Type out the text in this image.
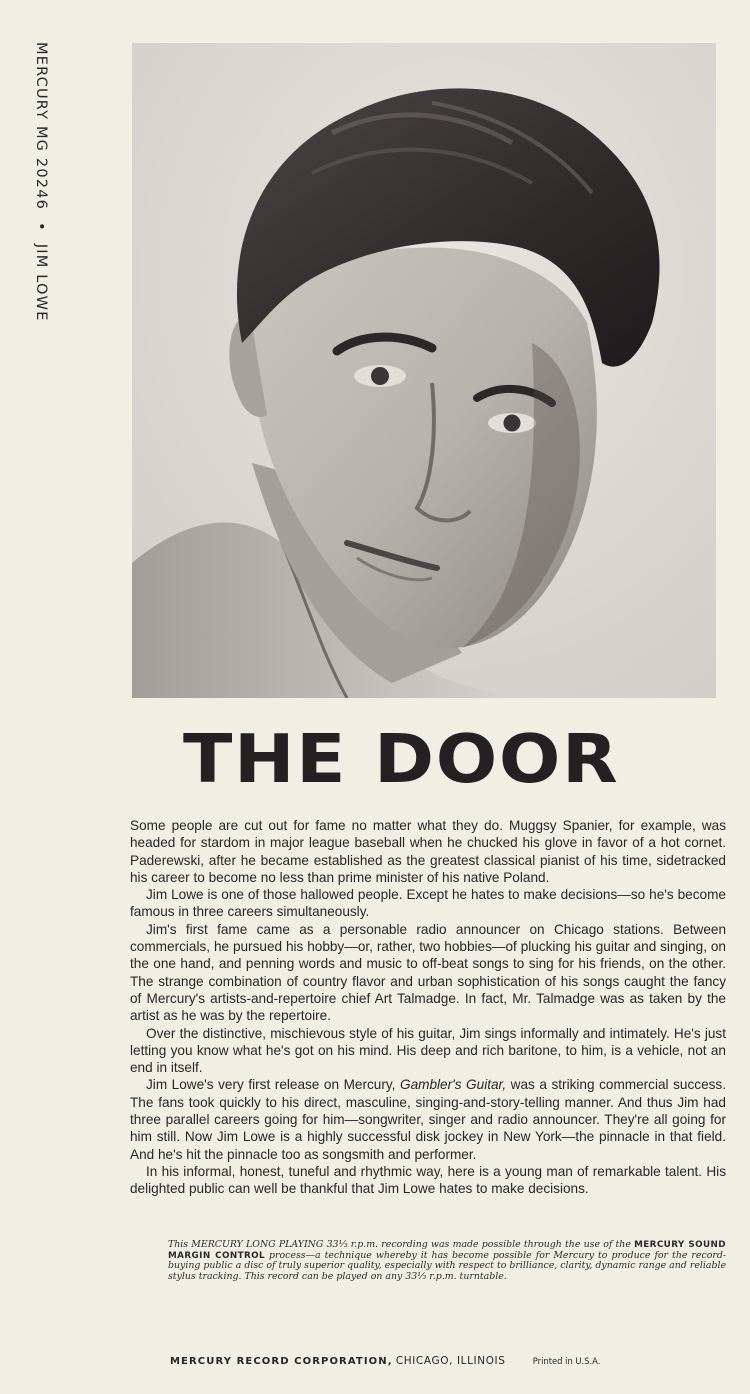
MERCURY MG 20246•JIM LOWE
THE DOOR

Some people are cut out for fame no matter what they do. Muggsy Spanier, for example, was headed for stardom in major league baseball when he chucked his glove in favor of a hot cornet. Paderewski, after he became established as the greatest classical pianist of his time, sidetracked his career to become no less than prime minister of his native Poland.

Jim Lowe is one of those hallowed people. Except he hates to make decisions—so he's become famous in three careers simultaneously.

Jim's first fame came as a personable radio announcer on Chicago stations. Between commercials, he pursued his hobby—or, rather, two hobbies—of plucking his guitar and singing, on the one hand, and penning words and music to off-beat songs to sing for his friends, on the other. The strange combination of country flavor and urban sophistication of his songs caught the fancy of Mercury's artists-and-repertoire chief Art Talmadge. In fact, Mr. Talmadge was as taken by the artist as he was by the repertoire.

Over the distinctive, mischievous style of his guitar, Jim sings informally and intimately. He's just letting you know what he's got on his mind. His deep and rich baritone, to him, is a vehicle, not an end in itself.

Jim Lowe's very first release on Mercury, Gambler's Guitar, was a striking commercial success. The fans took quickly to his direct, masculine, singing-and-story-telling manner. And thus Jim had three parallel careers going for him—songwriter, singer and radio announcer. They're all going for him still. Now Jim Lowe is a highly successful disk jockey in New York—the pinnacle in that field. And he's hit the pinnacle too as songsmith and performer.

In his informal, honest, tuneful and rhythmic way, here is a young man of remarkable talent. His delighted public can well be thankful that Jim Lowe hates to make decisions.

This MERCURY LONG PLAYING 33⅓ r.p.m. recording was made possible through the use of the MERCURY SOUND MARGIN CONTROL process—a technique whereby it has become possible for Mercury to produce for the record-buying public a disc of truly superior quality, especially with respect to brilliance, clarity, dynamic range and reliable stylus tracking. This record can be played on any 33⅓ r.p.m. turntable.
MERCURY RECORD CORPORATION, CHICAGO, ILLINOIS	Printed in U.S.A.
